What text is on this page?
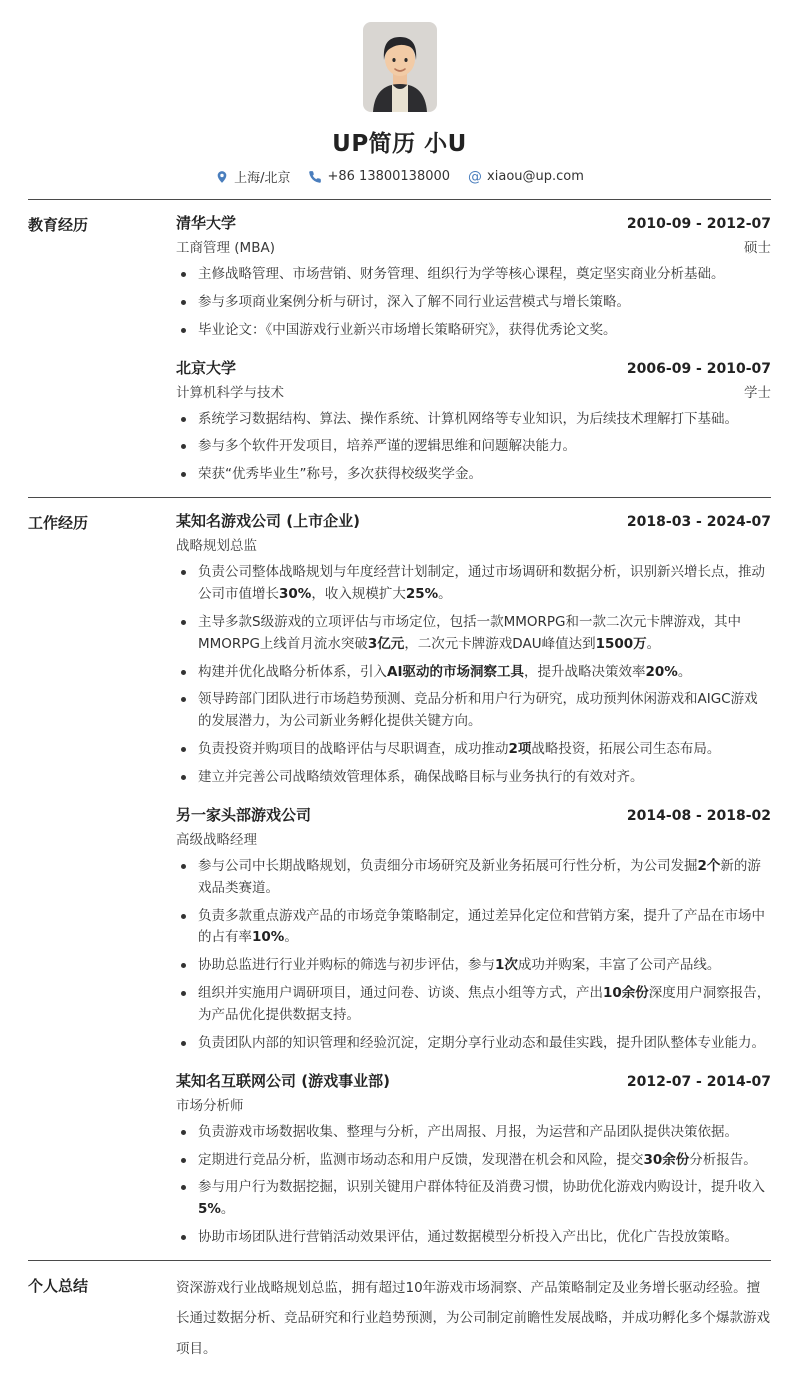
UP简历 小U
上海/北京	+86 13800138000 @ xiaou@up.com
教育经历	清华大学	2010-09 - 2012-07
工商管理 (MBA)	硕士
主修战略管理、市场营销、财务管理、组织行为学等核心课程，奠定坚实商业分析基础。
参与多项商业案例分析与研讨，深入了解不同行业运营模式与增长策略。
毕业论文：《中国游戏行业新兴市场增长策略研究》，获得优秀论文奖。
北京大学	2006-09 - 2010-07
计算机科学与技术	学士
系统学习数据结构、算法、操作系统、计算机网络等专业知识，为后续技术理解打下基础。
参与多个软件开发项目，培养严谨的逻辑思维和问题解决能力。
荣获“优秀毕业生”称号，多次获得校级奖学金。
工作经历	某知名游戏公司 (上市企业)	2018-03 - 2024-07
战略规划总监
负责公司整体战略规划与年度经营计划制定，通过市场调研和数据分析，识别新兴增长点，推动公司市值增长30%，收入规模扩大25%。
主导多款S级游戏的立项评估与市场定位，包括一款MMORPG和一款二次元卡牌游戏，其中MMORPG上线首月流水突破3亿元，二次元卡牌游戏DAU峰值达到1500万。
构建并优化战略分析体系，引入AI驱动的市场洞察工具，提升战略决策效率20%。
领导跨部门团队进行市场趋势预测、竞品分析和用户行为研究，成功预判休闲游戏和AIGC游戏的发展潜力，为公司新业务孵化提供关键方向。
负责投资并购项目的战略评估与尽职调查，成功推动2项战略投资，拓展公司生态布局。
建立并完善公司战略绩效管理体系，确保战略目标与业务执行的有效对齐。
另一家头部游戏公司	2014-08 - 2018-02
高级战略经理
参与公司中长期战略规划，负责细分市场研究及新业务拓展可行性分析，为公司发掘2个新的游戏品类赛道。
负责多款重点游戏产品的市场竞争策略制定，通过差异化定位和营销方案，提升了产品在市场中的占有率10%。
协助总监进行行业并购标的筛选与初步评估，参与1次成功并购案，丰富了公司产品线。
组织并实施用户调研项目，通过问卷、访谈、焦点小组等方式，产出10余份深度用户洞察报告，为产品优化提供数据支持。
负责团队内部的知识管理和经验沉淀，定期分享行业动态和最佳实践，提升团队整体专业能力。
某知名互联网公司 (游戏事业部)	2012-07 - 2014-07
市场分析师
负责游戏市场数据收集、整理与分析，产出周报、月报，为运营和产品团队提供决策依据。
定期进行竞品分析，监测市场动态和用户反馈，发现潜在机会和风险，提交30余份分析报告。
参与用户行为数据挖掘，识别关键用户群体特征及消费习惯，协助优化游戏内购设计，提升收入5%。
协助市场团队进行营销活动效果评估，通过数据模型分析投入产出比，优化广告投放策略。
个人总结	资深游戏行业战略规划总监，拥有超过10年游戏市场洞察、产品策略制定及业务增长驱动经验。擅长通过数据分析、竞品研究和行业趋势预测，为公司制定前瞻性发展战略，并成功孵化多个爆款游戏项目。
